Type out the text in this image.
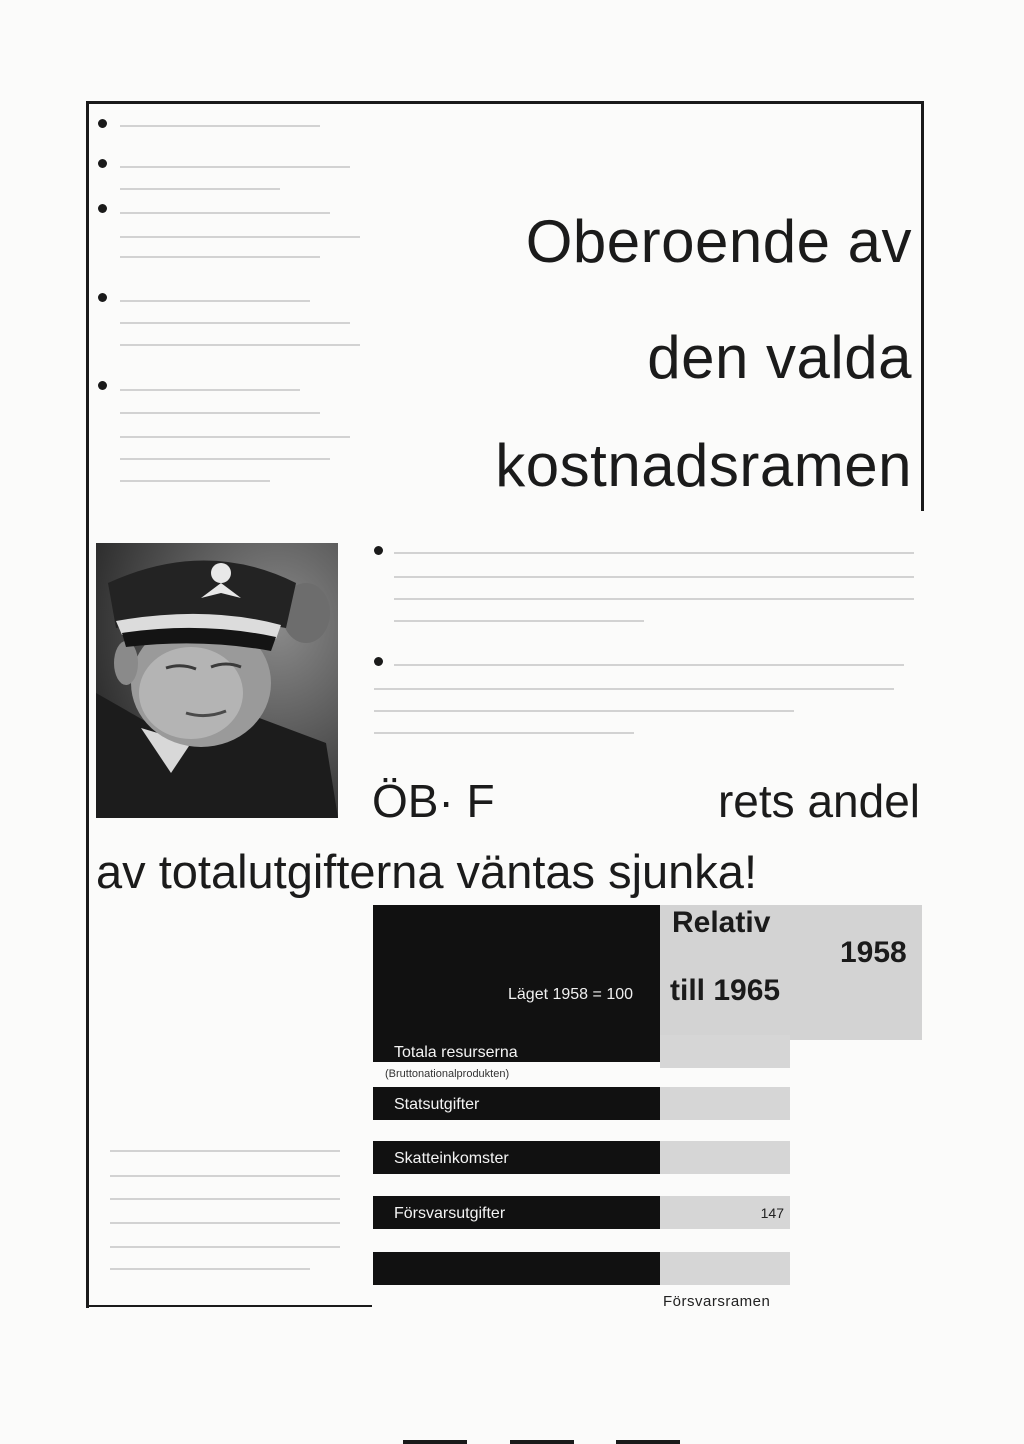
Oberoende av
den valda
kostnadsramen
ÖB· F	rets andel
av totalutgifterna väntas sjunka!
Relativ
1958
till 1965
Läget 1958 = 100
Totala resurserna
Statsutgifter
Skatteinkomster
Försvarsutgifter	147
(Bruttonationalprodukten)
Försvarsramen
